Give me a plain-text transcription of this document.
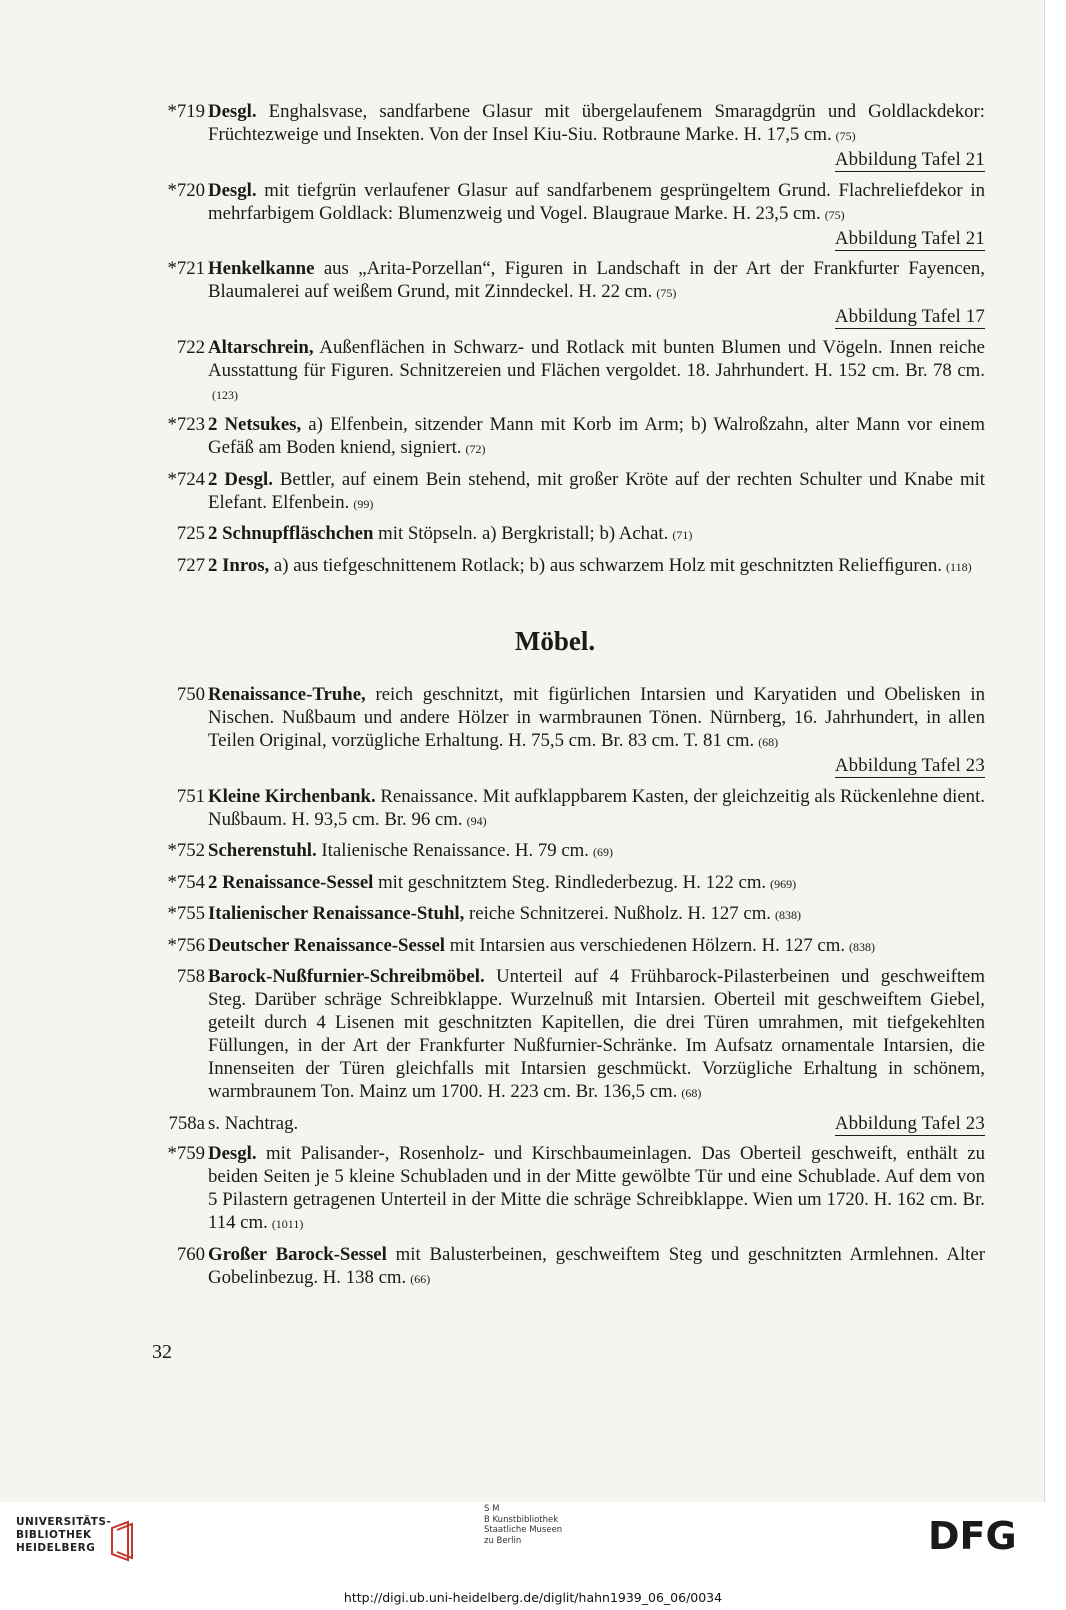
*719 Desgl. Enghalsvase, sandfarbene Glasur mit übergelaufenem Smaragdgrün und Goldlackdekor: Früchtezweige und Insekten. Von der Insel Kiu-Siu. Rotbraune Marke. H. 17,5 cm. (75)
Abbildung Tafel 21
*720 Desgl. mit tiefgrün verlaufener Glasur auf sandfarbenem gesprüngeltem Grund. Flachreliefdekor in mehrfarbigem Goldlack: Blumenzweig und Vogel. Blaugraue Marke. H. 23,5 cm. (75)
Abbildung Tafel 21
*721 Henkelkanne aus „Arita-Porzellan“, Figuren in Landschaft in der Art der Frankfurter Fayencen, Blaumalerei auf weißem Grund, mit Zinndeckel. H. 22 cm. (75)
Abbildung Tafel 17
722 Altarschrein, Außenflächen in Schwarz- und Rotlack mit bunten Blumen und Vögeln. Innen reiche Ausstattung für Figuren. Schnitzereien und Flächen vergoldet. 18. Jahrhundert. H. 152 cm. Br. 78 cm.(123)
*723 2 Netsukes, a) Elfenbein, sitzender Mann mit Korb im Arm; b) Walroßzahn, alter Mann vor einem Gefäß am Boden kniend, signiert. (72)
*724 2 Desgl. Bettler, auf einem Bein stehend, mit großer Kröte auf der rechten Schulter und Knabe mit Elefant. Elfenbein. (99)
725 2 Schnupffläschchen mit Stöpseln. a) Bergkristall; b) Achat. (71)
727 2 Inros, a) aus tiefgeschnittenem Rotlack; b) aus schwarzem Holz mit geschnitzten Reliefﬁguren. (118)
Möbel.
750 Renaissance-Truhe, reich geschnitzt, mit figürlichen Intarsien und Karyatiden und Obelisken in Nischen. Nußbaum und andere Hölzer in warmbraunen Tönen. Nürnberg, 16. Jahrhundert, in allen Teilen Original, vorzügliche Erhaltung. H. 75,5 cm. Br. 83 cm. T. 81 cm. (68)
Abbildung Tafel 23
751 Kleine Kirchenbank. Renaissance. Mit aufklappbarem Kasten, der gleichzeitig als Rückenlehne dient. Nußbaum. H. 93,5 cm. Br. 96 cm. (94)
*752 Scherenstuhl. Italienische Renaissance. H. 79 cm. (69)
*754 2 Renaissance-Sessel mit geschnitztem Steg. Rindlederbezug. H. 122 cm. (969)
*755 Italienischer Renaissance-Stuhl, reiche Schnitzerei. Nußholz. H. 127 cm. (838)
*756 Deutscher Renaissance-Sessel mit Intarsien aus verschiedenen Hölzern. H. 127 cm. (838)
758 Barock-Nußfurnier-Schreibmöbel. Unterteil auf 4 Frühbarock-Pilasterbeinen und geschweiftem Steg. Darüber schräge Schreibklappe. Wurzelnuß mit Intarsien. Oberteil mit geschweiftem Giebel, geteilt durch 4 Lisenen mit geschnitzten Kapitellen, die drei Türen umrahmen, mit tiefgekehlten Füllungen, in der Art der Frankfurter Nußfurnier-Schränke. Im Aufsatz ornamentale Intarsien, die Innenseiten der Türen gleichfalls mit Intarsien geschmückt. Vorzügliche Erhaltung in schönem, warmbraunem Ton. Mainz um 1700. H. 223 cm. Br. 136,5 cm. (68)
758a s. Nachtrag.	Abbildung Tafel 23
*759 Desgl. mit Palisander-, Rosenholz- und Kirschbaumeinlagen. Das Oberteil geschweift, enthält zu beiden Seiten je 5 kleine Schubladen und in der Mitte gewölbte Tür und eine Schublade. Auf dem von 5 Pilastern getragenen Unterteil in der Mitte die schräge Schreibklappe. Wien um 1720. H. 162 cm. Br. 114 cm. (1011)
760 Großer Barock-Sessel mit Balusterbeinen, geschweiftem Steg und geschnitzten Armlehnen. Alter Gobelinbezug. H. 138 cm. (66)
32
UNIVERSITÄTS-
BIBLIOTHEK
HEIDELBERG
S M
B Kunstbibliothek
Staatliche Museen
zu Berlin	DFG
http://digi.ub.uni-heidelberg.de/diglit/hahn1939_06_06/0034
